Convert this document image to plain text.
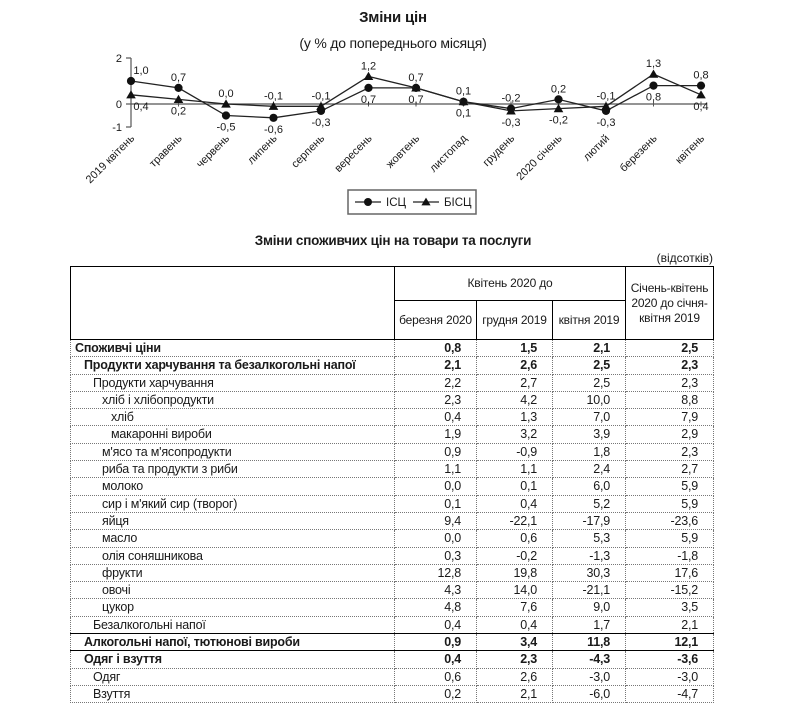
Зміни цін
(у % до попереднього місяця)
2
0
-1
2019 квітень травень червень липень серпень вересень жовтень листопад грудень
2020 січень лютий березень квітень
1,0
0,4
0,7
0,2
0,0
-0,5
-0,1
-0,6
-0,1
-0,3
1,2
0,7
0,7
0,7
0,1
0,1
-0,2
-0,3
0,2
-0,2
-0,1
-0,3
1,3
0,8
0,8
0,4
ІСЦ	БІСЦ
Зміни споживчих цін на товари та послуги
(відсотків)
	Квітень 2020 до			Січень-квітень 2020 до січня-квітня 2019
	березня 2020	грудня 2019	квітня 2019	
Споживчі ціни	0,8	1,5	2,1	2,5
Продукти харчування та безалкогольні напої	2,1	2,6	2,5	2,3
Продукти харчування	2,2	2,7	2,5	2,3
хліб і хлібопродукти	2,3	4,2	10,0	8,8
хліб	0,4	1,3	7,0	7,9
макаронні вироби	1,9	3,2	3,9	2,9
м'ясо та м'ясопродукти	0,9	-0,9	1,8	2,3
риба та продукти з риби	1,1	1,1	2,4	2,7
молоко	0,0	0,1	6,0	5,9
сир і м'який сир (творог)	0,1	0,4	5,2	5,9
яйця	9,4	-22,1	-17,9	-23,6
масло	0,0	0,6	5,3	5,9
олія соняшникова	0,3	-0,2	-1,3	-1,8
фрукти	12,8	19,8	30,3	17,6
овочі	4,3	14,0	-21,1	-15,2
цукор	4,8	7,6	9,0	3,5
Безалкогольні напої	0,4	0,4	1,7	2,1
Алкогольні напої, тютюнові вироби	0,9	3,4	11,8	12,1
Одяг і взуття	0,4	2,3	-4,3	-3,6
Одяг	0,6	2,6	-3,0	-3,0
Взуття	0,2	2,1	-6,0	-4,7
